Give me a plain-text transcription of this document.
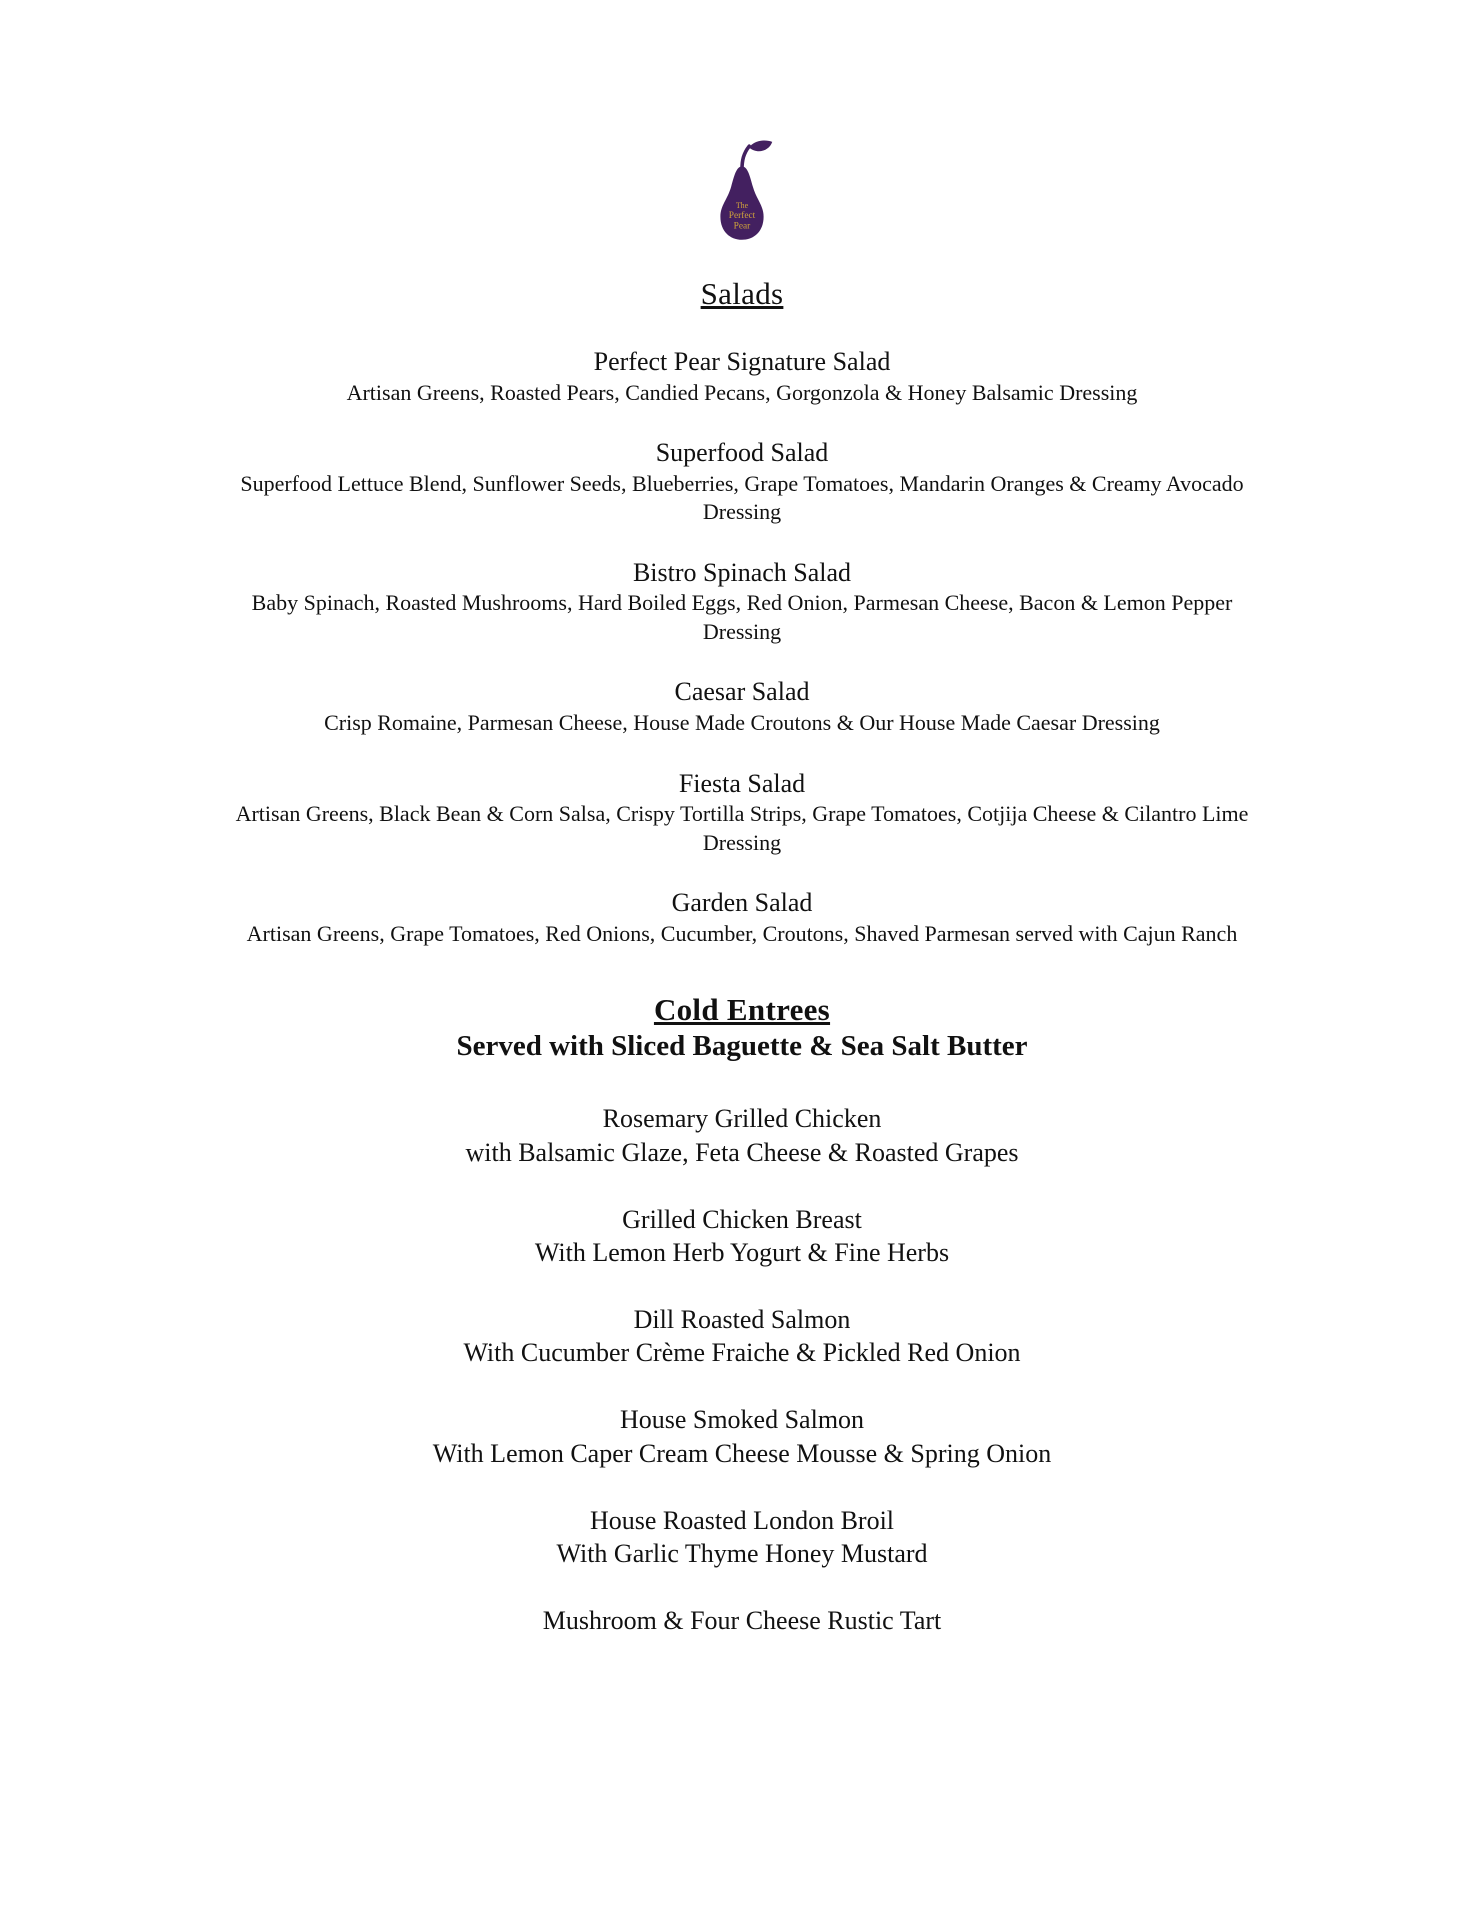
The
Perfect
Pear
Salads
Perfect Pear Signature Salad

Artisan Greens, Roasted Pears, Candied Pecans, Gorgonzola & Honey Balsamic Dressing

Superfood Salad

Superfood Lettuce Blend, Sunflower Seeds, Blueberries, Grape Tomatoes, Mandarin Oranges & Creamy Avocado Dressing

Bistro Spinach Salad

Baby Spinach, Roasted Mushrooms, Hard Boiled Eggs, Red Onion, Parmesan Cheese, Bacon & Lemon Pepper Dressing

Caesar Salad

Crisp Romaine, Parmesan Cheese, House Made Croutons & Our House Made Caesar Dressing

Fiesta Salad

Artisan Greens, Black Bean & Corn Salsa, Crispy Tortilla Strips, Grape Tomatoes, Cotjija Cheese & Cilantro Lime Dressing

Garden Salad

Artisan Greens, Grape Tomatoes, Red Onions, Cucumber, Croutons, Shaved Parmesan served with Cajun Ranch

Cold Entrees
Served with Sliced Baguette & Sea Salt Butter
Rosemary Grilled Chicken

with Balsamic Glaze, Feta Cheese & Roasted Grapes

Grilled Chicken Breast

With Lemon Herb Yogurt & Fine Herbs

Dill Roasted Salmon

With Cucumber Crème Fraiche & Pickled Red Onion

House Smoked Salmon

With Lemon Caper Cream Cheese Mousse & Spring Onion

House Roasted London Broil

With Garlic Thyme Honey Mustard

Mushroom & Four Cheese Rustic Tart
